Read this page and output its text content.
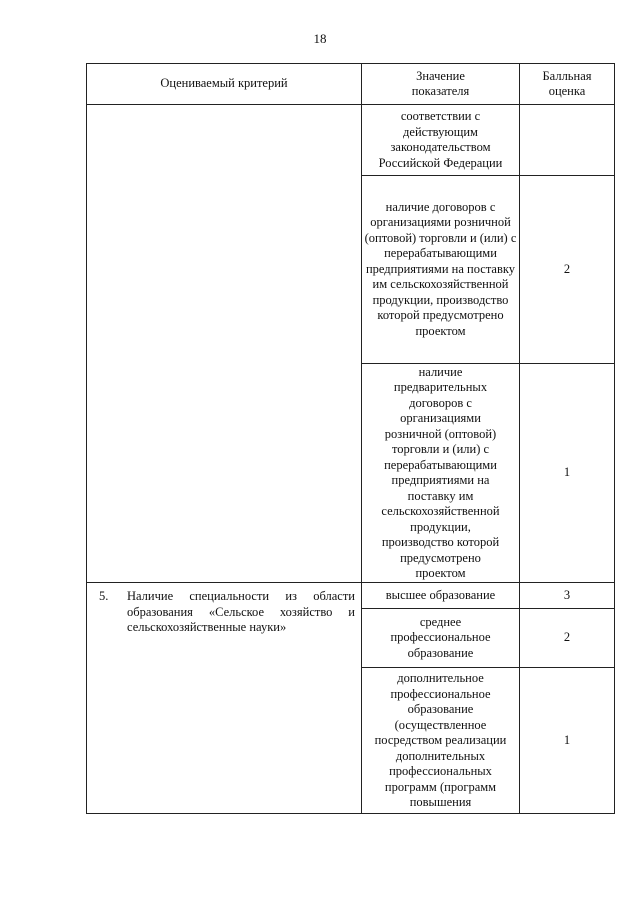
18
Оцениваемый критерий	Значение показателя	Балльная оценка
	соответствии с действующим законодательством Российской Федерации	
	наличие договоров с организациями розничной (оптовой) торговли и (или) с перерабатывающими предприятиями на поставку им сельскохозяйственной продукции, производство которой предусмотрено проектом	2
	наличие предварительных договоров с организациями розничной (оптовой) торговли и (или) с перерабатывающими предприятиями на поставку им сельскохозяйственной продукции, производство которой предусмотрено проектом	1

5. Наличие специальности из области образования «Сельское хозяйство и сельскохозяйственные науки»	высшее образование	3
	среднее профессиональное образование	2
	дополнительное профессиональное образование (осуществленное посредством реализации дополнительных профессиональных программ (программ повышения	1
